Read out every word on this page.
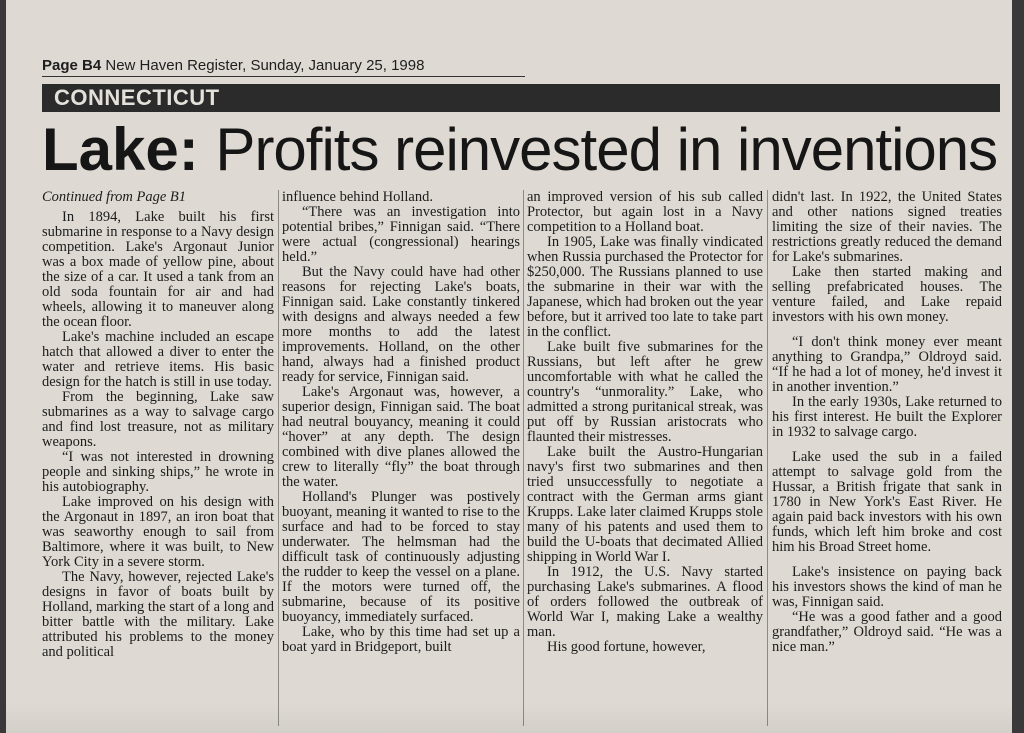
Page B4 New Haven Register, Sunday, January 25, 1998
CONNECTICUT
Lake: Profits reinvested in inventions

Continued from Page B1

In 1894, Lake built his first submarine in response to a Navy design competition. Lake's Argonaut Junior was a box made of yellow pine, about the size of a car. It used a tank from an old soda fountain for air and had wheels, allowing it to maneuver along the ocean floor.

Lake's machine included an escape hatch that allowed a diver to enter the water and retrieve items. His basic design for the hatch is still in use today.

From the beginning, Lake saw submarines as a way to salvage cargo and find lost treasure, not as military weapons.

“I was not interested in drowning people and sinking ships,” he wrote in his autobiography.

Lake improved on his design with the Argonaut in 1897, an iron boat that was seaworthy enough to sail from Baltimore, where it was built, to New York City in a severe storm.

The Navy, however, rejected Lake's designs in favor of boats built by Holland, marking the start of a long and bitter battle with the military. Lake attributed his problems to the money and political

influence behind Holland.

“There was an investigation into potential bribes,” Finnigan said. “There were actual (congressional) hearings held.”

But the Navy could have had other reasons for rejecting Lake's boats, Finnigan said. Lake constantly tinkered with designs and always needed a few more months to add the latest improvements. Holland, on the other hand, always had a finished product ready for service, Finnigan said.

Lake's Argonaut was, however, a superior design, Finnigan said. The boat had neutral bouyancy, meaning it could “hover” at any depth. The design combined with dive planes allowed the crew to literally “fly” the boat through the water.

Holland's Plunger was postively buoyant, meaning it wanted to rise to the surface and had to be forced to stay underwater. The helmsman had the difficult task of continuously adjusting the rudder to keep the vessel on a plane. If the motors were turned off, the submarine, because of its positive buoyancy, immediately surfaced.

Lake, who by this time had set up a boat yard in Bridgeport, built

an improved version of his sub called Protector, but again lost in a Navy competition to a Holland boat.

In 1905, Lake was finally vindicated when Russia purchased the Protector for $250,000. The Russians planned to use the submarine in their war with the Japanese, which had broken out the year before, but it arrived too late to take part in the conflict.

Lake built five submarines for the Russians, but left after he grew uncomfortable with what he called the country's “unmorality.” Lake, who admitted a strong puritanical streak, was put off by Russian aristocrats who flaunted their mistresses.

Lake built the Austro-Hungarian navy's first two submarines and then tried unsuccessfully to negotiate a contract with the German arms giant Krupps. Lake later claimed Krupps stole many of his patents and used them to build the U-boats that decimated Allied shipping in World War I.

In 1912, the U.S. Navy started purchasing Lake's submarines. A flood of orders followed the outbreak of World War I, making Lake a wealthy man.

His good fortune, however,

didn't last. In 1922, the United States and other nations signed treaties limiting the size of their navies. The restrictions greatly reduced the demand for Lake's submarines.

Lake then started making and selling prefabricated houses. The venture failed, and Lake repaid investors with his own money.

“I don't think money ever meant anything to Grandpa,” Oldroyd said. “If he had a lot of money, he'd invest it in another invention.”

In the early 1930s, Lake returned to his first interest. He built the Explorer in 1932 to salvage cargo.

Lake used the sub in a failed attempt to salvage gold from the Hussar, a British frigate that sank in 1780 in New York's East River. He again paid back investors with his own funds, which left him broke and cost him his Broad Street home.

Lake's insistence on paying back his investors shows the kind of man he was, Finnigan said.

“He was a good father and a good grandfather,” Oldroyd said. “He was a nice man.”
